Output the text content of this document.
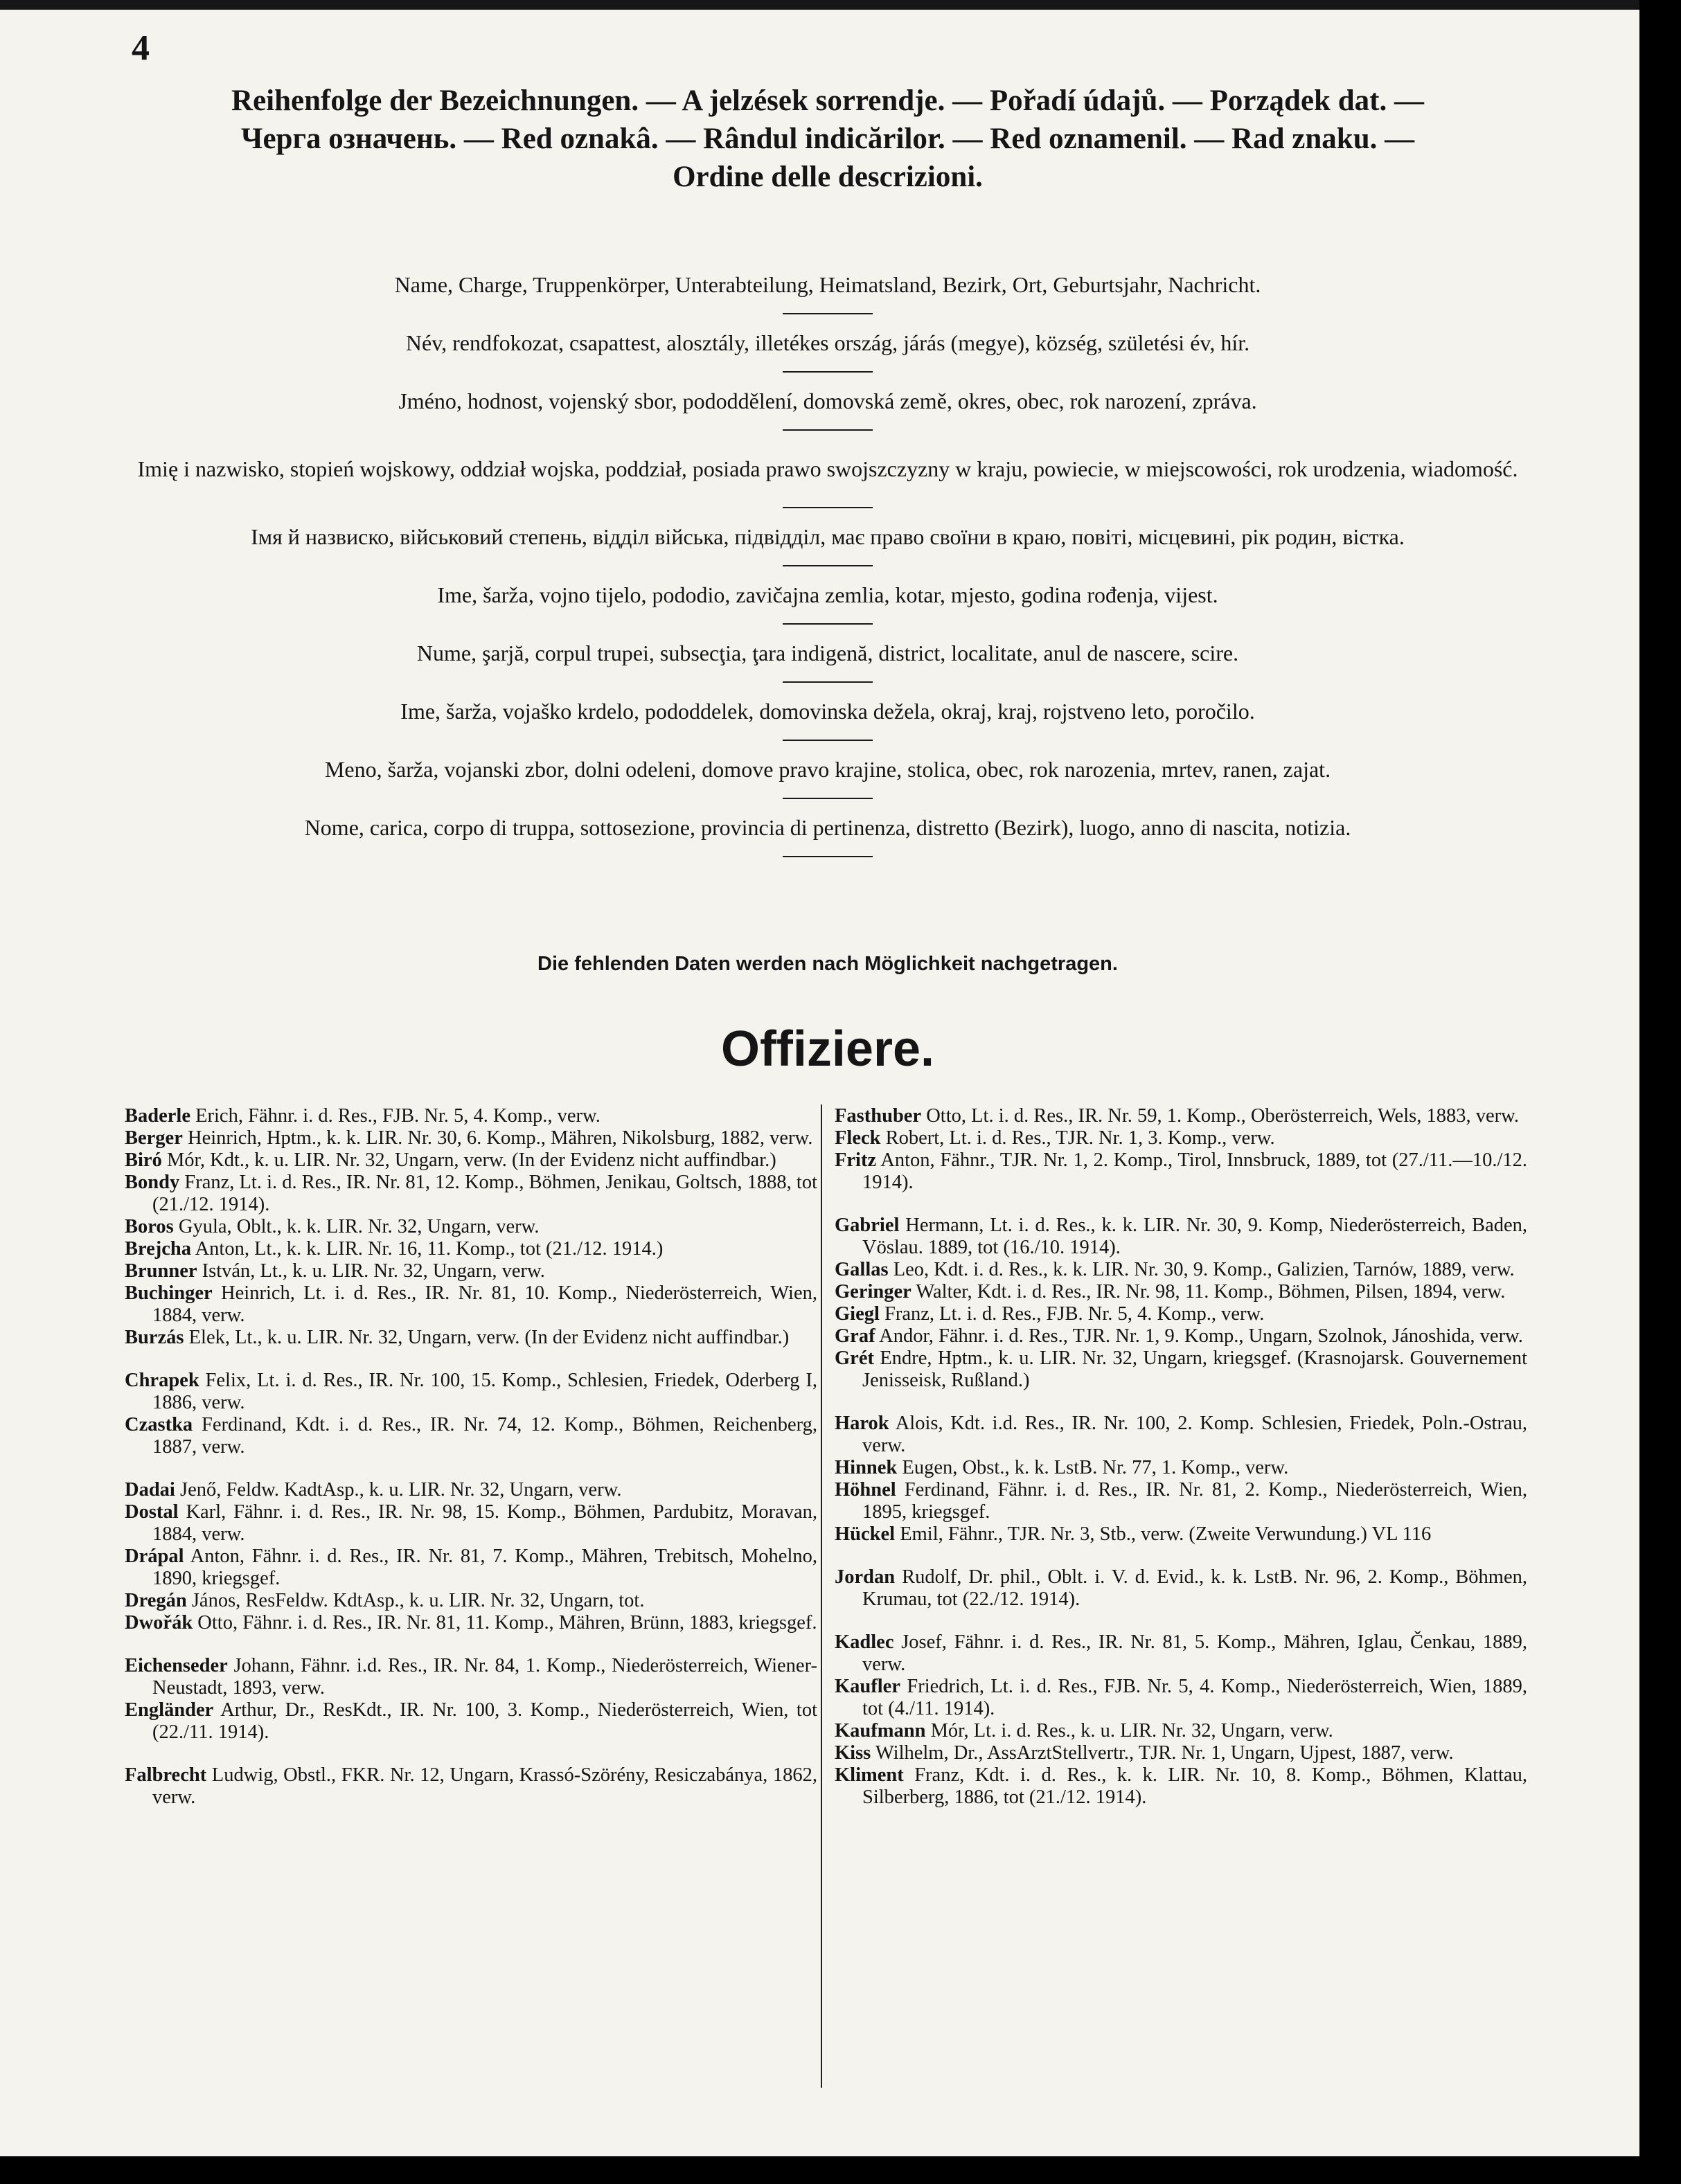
4
Reihenfolge der Bezeichnungen. — A jelzések sorrendje. — Pořadí údajů. — Porządek dat. —
Черга означень. — Red oznakâ. — Rândul indicărilor. — Red oznamenil. — Rad znaku. —
Ordine delle descrizioni.
Name, Charge, Truppenkörper, Unterabteilung, Heimatsland, Bezirk, Ort, Geburtsjahr, Nachricht.
Név, rendfokozat, csapattest, alosztály, illetékes ország, járás (megye), község, születési év, hír.
Jméno, hodnost, vojenský sbor, pododdělení, domovská země, okres, obec, rok narození, zpráva.
Imię i nazwisko, stopień wojskowy, oddział wojska, poddział, posiada prawo swojszczyzny w kraju, powiecie, w miejscowości, rok urodzenia, wiadomość.
Імя й назвиско, військовий степень, відділ війська, підвідділ, має право своїни в краю, повіті, місцевині, рік родин, вістка.
Ime, šarža, vojno tijelo, pododio, zavičajna zemlia, kotar, mjesto, godina rođenja, vijest.
Nume, şarjă, corpul trupei, subsecţia, ţara indigenă, district, localitate, anul de nascere, scire.
Ime, šarža, vojaško krdelo, pododdelek, domovinska dežela, okraj, kraj, rojstveno leto, poročilo.
Meno, šarža, vojanski zbor, dolni odeleni, domove pravo krajine, stolica, obec, rok narozenia, mrtev, ranen, zajat.
Nome, carica, corpo di truppa, sottosezione, provincia di pertinenza, distretto (Bezirk), luogo, anno di nascita, notizia.
Die fehlenden Daten werden nach Möglichkeit nachgetragen.
Offiziere.

Baderle Erich, Fähnr. i. d. Res., FJB. Nr. 5, 4. Komp., verw.

Berger Heinrich, Hptm., k. k. LIR. Nr. 30, 6. Komp., Mähren, Nikolsburg, 1882, verw.

Biró Mór, Kdt., k. u. LIR. Nr. 32, Ungarn, verw. (In der Evidenz nicht auffindbar.)

Bondy Franz, Lt. i. d. Res., IR. Nr. 81, 12. Komp., Böhmen, Jenikau, Goltsch, 1888, tot (21./12. 1914).

Boros Gyula, Oblt., k. k. LIR. Nr. 32, Ungarn, verw.

Brejcha Anton, Lt., k. k. LIR. Nr. 16, 11. Komp., tot (21./12. 1914.)

Brunner István, Lt., k. u. LIR. Nr. 32, Ungarn, verw.

Buchinger Heinrich, Lt. i. d. Res., IR. Nr. 81, 10. Komp., Niederösterreich, Wien, 1884, verw.

Burzás Elek, Lt., k. u. LIR. Nr. 32, Ungarn, verw. (In der Evidenz nicht auffindbar.)

Chrapek Felix, Lt. i. d. Res., IR. Nr. 100, 15. Komp., Schlesien, Friedek, Oderberg I, 1886, verw.

Czastka Ferdinand, Kdt. i. d. Res., IR. Nr. 74, 12. Komp., Böhmen, Reichenberg, 1887, verw.

Dadai Jenő, Feldw. KadtAsp., k. u. LIR. Nr. 32, Ungarn, verw.

Dostal Karl, Fähnr. i. d. Res., IR. Nr. 98, 15. Komp., Böhmen, Pardubitz, Moravan, 1884, verw.

Drápal Anton, Fähnr. i. d. Res., IR. Nr. 81, 7. Komp., Mähren, Trebitsch, Mohelno, 1890, kriegsgef.

Dregán János, ResFeldw. KdtAsp., k. u. LIR. Nr. 32, Ungarn, tot.

Dwořák Otto, Fähnr. i. d. Res., IR. Nr. 81, 11. Komp., Mähren, Brünn, 1883, kriegsgef.

Eichenseder Johann, Fähnr. i.d. Res., IR. Nr. 84, 1. Komp., Niederösterreich, Wiener-Neustadt, 1893, verw.

Engländer Arthur, Dr., ResKdt., IR. Nr. 100, 3. Komp., Niederösterreich, Wien, tot (22./11. 1914).

Falbrecht Ludwig, Obstl., FKR. Nr. 12, Ungarn, Krassó-Szörény, Resiczabánya, 1862, verw.

Fasthuber Otto, Lt. i. d. Res., IR. Nr. 59, 1. Komp., Oberösterreich, Wels, 1883, verw.

Fleck Robert, Lt. i. d. Res., TJR. Nr. 1, 3. Komp., verw.

Fritz Anton, Fähnr., TJR. Nr. 1, 2. Komp., Tirol, Innsbruck, 1889, tot (27./11.—10./12. 1914).

Gabriel Hermann, Lt. i. d. Res., k. k. LIR. Nr. 30, 9. Komp, Niederösterreich, Baden, Vöslau. 1889, tot (16./10. 1914).

Gallas Leo, Kdt. i. d. Res., k. k. LIR. Nr. 30, 9. Komp., Galizien, Tarnów, 1889, verw.

Geringer Walter, Kdt. i. d. Res., IR. Nr. 98, 11. Komp., Böhmen, Pilsen, 1894, verw.

Giegl Franz, Lt. i. d. Res., FJB. Nr. 5, 4. Komp., verw.

Graf Andor, Fähnr. i. d. Res., TJR. Nr. 1, 9. Komp., Ungarn, Szolnok, Jánoshida, verw.

Grét Endre, Hptm., k. u. LIR. Nr. 32, Ungarn, kriegsgef. (Krasnojarsk. Gouvernement Jenisseisk, Rußland.)

Harok Alois, Kdt. i.d. Res., IR. Nr. 100, 2. Komp. Schlesien, Friedek, Poln.-Ostrau, verw.

Hinnek Eugen, Obst., k. k. LstB. Nr. 77, 1. Komp., verw.

Höhnel Ferdinand, Fähnr. i. d. Res., IR. Nr. 81, 2. Komp., Niederösterreich, Wien, 1895, kriegsgef.

Hückel Emil, Fähnr., TJR. Nr. 3, Stb., verw. (Zweite Verwundung.) VL 116

Jordan Rudolf, Dr. phil., Oblt. i. V. d. Evid., k. k. LstB. Nr. 96, 2. Komp., Böhmen, Krumau, tot (22./12. 1914).

Kadlec Josef, Fähnr. i. d. Res., IR. Nr. 81, 5. Komp., Mähren, Iglau, Čenkau, 1889, verw.

Kaufler Friedrich, Lt. i. d. Res., FJB. Nr. 5, 4. Komp., Niederösterreich, Wien, 1889, tot (4./11. 1914).

Kaufmann Mór, Lt. i. d. Res., k. u. LIR. Nr. 32, Ungarn, verw.

Kiss Wilhelm, Dr., AssArztStellvertr., TJR. Nr. 1, Ungarn, Ujpest, 1887, verw.

Kliment Franz, Kdt. i. d. Res., k. k. LIR. Nr. 10, 8. Komp., Böhmen, Klattau, Silberberg, 1886, tot (21./12. 1914).
